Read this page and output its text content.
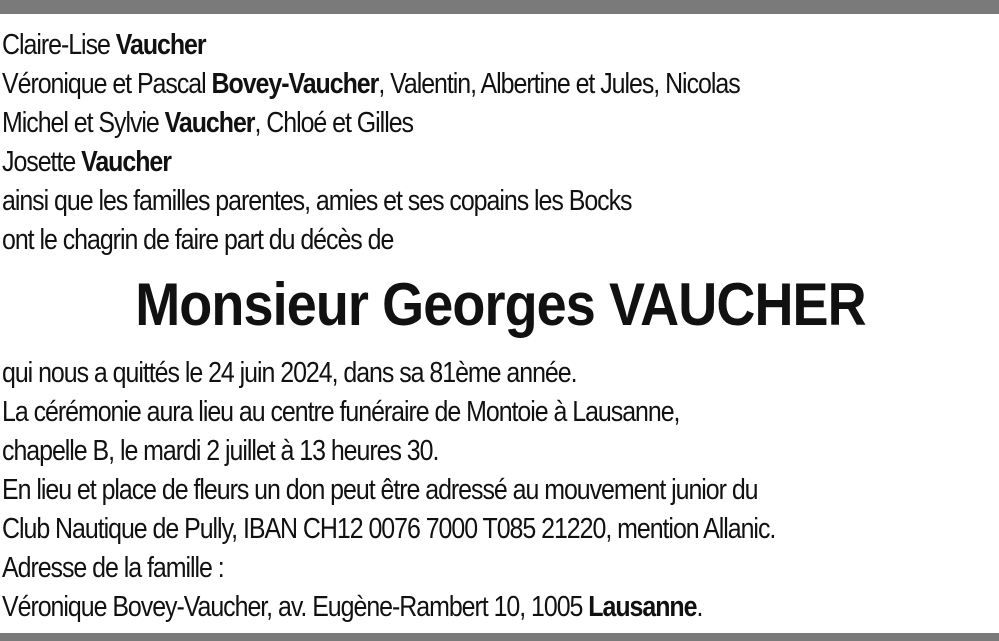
Claire-Lise Vaucher
Véronique et Pascal Bovey-Vaucher, Valentin, Albertine et Jules, Nicolas
Michel et Sylvie Vaucher, Chloé et Gilles
Josette Vaucher
ainsi que les familles parentes, amies et ses copains les Bocks
ont le chagrin de faire part du décès de
Monsieur Georges VAUCHER
qui nous a quittés le 24 juin 2024, dans sa 81ème année.
La cérémonie aura lieu au centre funéraire de Montoie à Lausanne,
chapelle B, le mardi 2 juillet à 13 heures 30.
En lieu et place de fleurs un don peut être adressé au mouvement junior du
Club Nautique de Pully, IBAN CH12 0076 7000 T085 21220, mention Allanic.
Adresse de la famille :
Véronique Bovey-Vaucher, av. Eugène-Rambert 10, 1005 Lausanne.
